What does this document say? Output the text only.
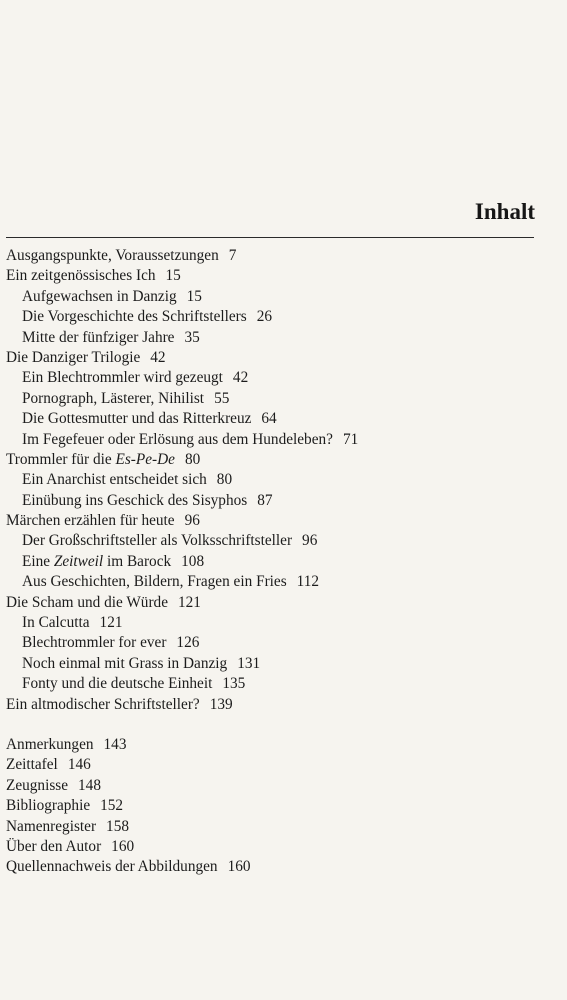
Inhalt
Ausgangspunkte, Voraussetzungen 7
Ein zeitgenössisches Ich 15
Aufgewachsen in Danzig 15
Die Vorgeschichte des Schriftstellers 26
Mitte der fünfziger Jahre 35
Die Danziger Trilogie 42
Ein Blechtrommler wird gezeugt 42
Pornograph, Lästerer, Nihilist 55
Die Gottesmutter und das Ritterkreuz 64
Im Fegefeuer oder Erlösung aus dem Hundeleben? 71
Trommler für die Es-Pe-De 80
Ein Anarchist entscheidet sich 80
Einübung ins Geschick des Sisyphos 87
Märchen erzählen für heute 96
Der Großschriftsteller als Volksschriftsteller 96
Eine Zeitweil im Barock 108
Aus Geschichten, Bildern, Fragen ein Fries 112
Die Scham und die Würde 121
In Calcutta 121
Blechtrommler for ever 126
Noch einmal mit Grass in Danzig 131
Fonty und die deutsche Einheit 135
Ein altmodischer Schriftsteller? 139
Anmerkungen 143
Zeittafel 146
Zeugnisse 148
Bibliographie 152
Namenregister 158
Über den Autor 160
Quellennachweis der Abbildungen 160
